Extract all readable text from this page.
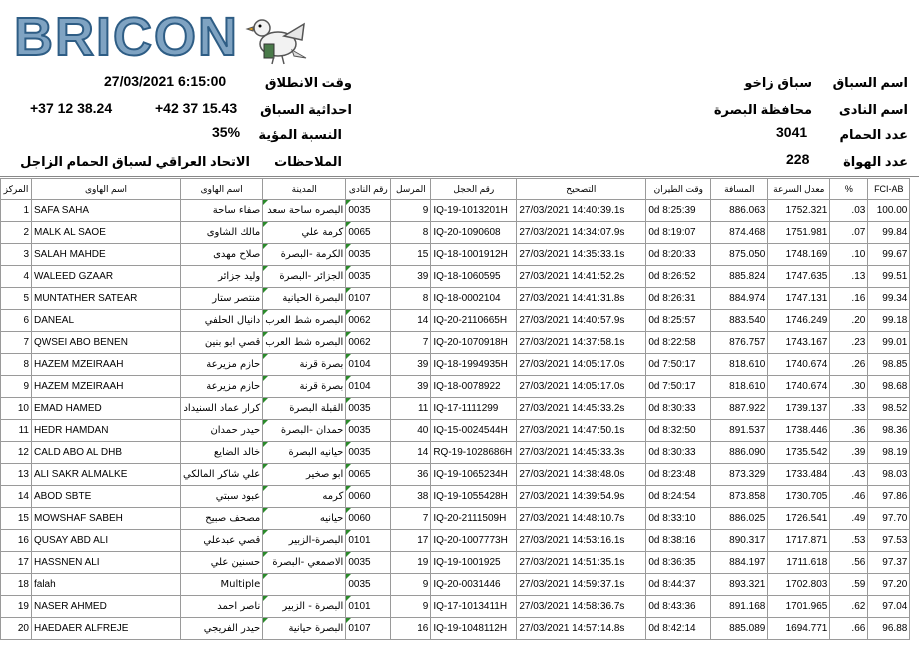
BRICON
وقت الانطلاق
27/03/2021 6:15:00
احداثية السباق
+42 37 15.43
+37 12 38.24
النسبة المؤية
35%
الملاحظات
الاتحاد العراقي لسباق الحمام الزاجل
اسم السباق
سباق زاخو
اسم النادى
محافظة البصرة
عدد الحمام
3041
عدد الهواة
228
المركز	اسم الهاوى	اسم الهاوى	المدينة	رقم النادى	المرسل	رقم الحجل	التصحيح	وقت الطيران	المسافة	معدل السرعة	%	FCI-AB
1	SAFA SAHA	صفاء ساحة	البصره ساحة سعد	0035	9	IQ-19-1013201H	27/03/2021 14:40:39.1s	0d 8:25:39	886.063	1752.321	.03	100.00
2	MALK AL SAOE	مالك الشاوى	كرمة علي	0065	8	IQ-20-1090608	27/03/2021 14:34:07.9s	0d 8:19:07	874.468	1751.981	.07	99.84
3	SALAH MAHDE	صلاح مهدى	الكرمة -البصرة	0035	15	IQ-18-1001912H	27/03/2021 14:35:33.1s	0d 8:20:33	875.050	1748.169	.10	99.67
4	WALEED GZAAR	وليد جزائر	الجزائر -البصرة	0035	39	IQ-18-1060595	27/03/2021 14:41:52.2s	0d 8:26:52	885.824	1747.635	.13	99.51
5	MUNTATHER SATEAR	منتصر ستار	البصرة الحيانية	0107	8	IQ-18-0002104	27/03/2021 14:41:31.8s	0d 8:26:31	884.974	1747.131	.16	99.34
6	DANEAL	دانيال الحلفي	البصره شط العرب	0062	14	IQ-20-2110665H	27/03/2021 14:40:57.9s	0d 8:25:57	883.540	1746.249	.20	99.18
7	QWSEI ABO BENEN	قصي ابو بنين	البصره شط العرب	0062	7	IQ-20-1070918H	27/03/2021 14:37:58.1s	0d 8:22:58	876.757	1743.167	.23	99.01
8	HAZEM MZEIRAAH	حازم مزيرعة	بصرة قرنة	0104	39	IQ-18-1994935H	27/03/2021 14:05:17.0s	0d 7:50:17	818.610	1740.674	.26	98.85
9	HAZEM MZEIRAAH	حازم مزيرعة	بصرة قرنة	0104	39	IQ-18-0078922	27/03/2021 14:05:17.0s	0d 7:50:17	818.610	1740.674	.30	98.68
10	EMAD HAMED	كرار عماد السنيداد	القبلة البصرة	0035	11	IQ-17-1111299	27/03/2021 14:45:33.2s	0d 8:30:33	887.922	1739.137	.33	98.52
11	HEDR HAMDAN	حيدر حمدان	حمدان -البصرة	0035	40	IQ-15-0024544H	27/03/2021 14:47:50.1s	0d 8:32:50	891.537	1738.446	.36	98.36
12	CALD ABO AL DHB	خالد الضايع	حيانيه البصرة	0035	14	RQ-19-1028686H	27/03/2021 14:45:33.3s	0d 8:30:33	886.090	1735.542	.39	98.19
13	ALI SAKR ALMALKE	علي شاكر المالكي	ابو صخير	0065	36	IQ-19-1065234H	27/03/2021 14:38:48.0s	0d 8:23:48	873.329	1733.484	.43	98.03
14	ABOD SBTE	عبود سبتي	كرمه	0060	38	IQ-19-1055428H	27/03/2021 14:39:54.9s	0d 8:24:54	873.858	1730.705	.46	97.86
15	MOWSHAF SABEH	مصحف صبيح	حيانيه	0060	7	IQ-20-2111509H	27/03/2021 14:48:10.7s	0d 8:33:10	886.025	1726.541	.49	97.70
16	QUSAY ABD ALI	قصي عبدعلي	البصرة-الزبير	0101	17	IQ-20-1007773H	27/03/2021 14:53:16.1s	0d 8:38:16	890.317	1717.871	.53	97.53
17	HASSNEN ALI	حسنين علي	الاصمعي -البصرة	0035	19	IQ-19-1001925	27/03/2021 14:51:35.1s	0d 8:36:35	884.197	1711.618	.56	97.37
18	falah	Multiple		0035	9	IQ-20-0031446	27/03/2021 14:59:37.1s	0d 8:44:37	893.321	1702.803	.59	97.20
19	NASER AHMED	ناصر احمد	البصرة - الزبير	0101	9	IQ-17-1013411H	27/03/2021 14:58:36.7s	0d 8:43:36	891.168	1701.965	.62	97.04
20	HAEDAER ALFREJE	حيدر الفريجي	البصرة حيانية	0107	16	IQ-19-1048112H	27/03/2021 14:57:14.8s	0d 8:42:14	885.089	1694.771	.66	96.88
